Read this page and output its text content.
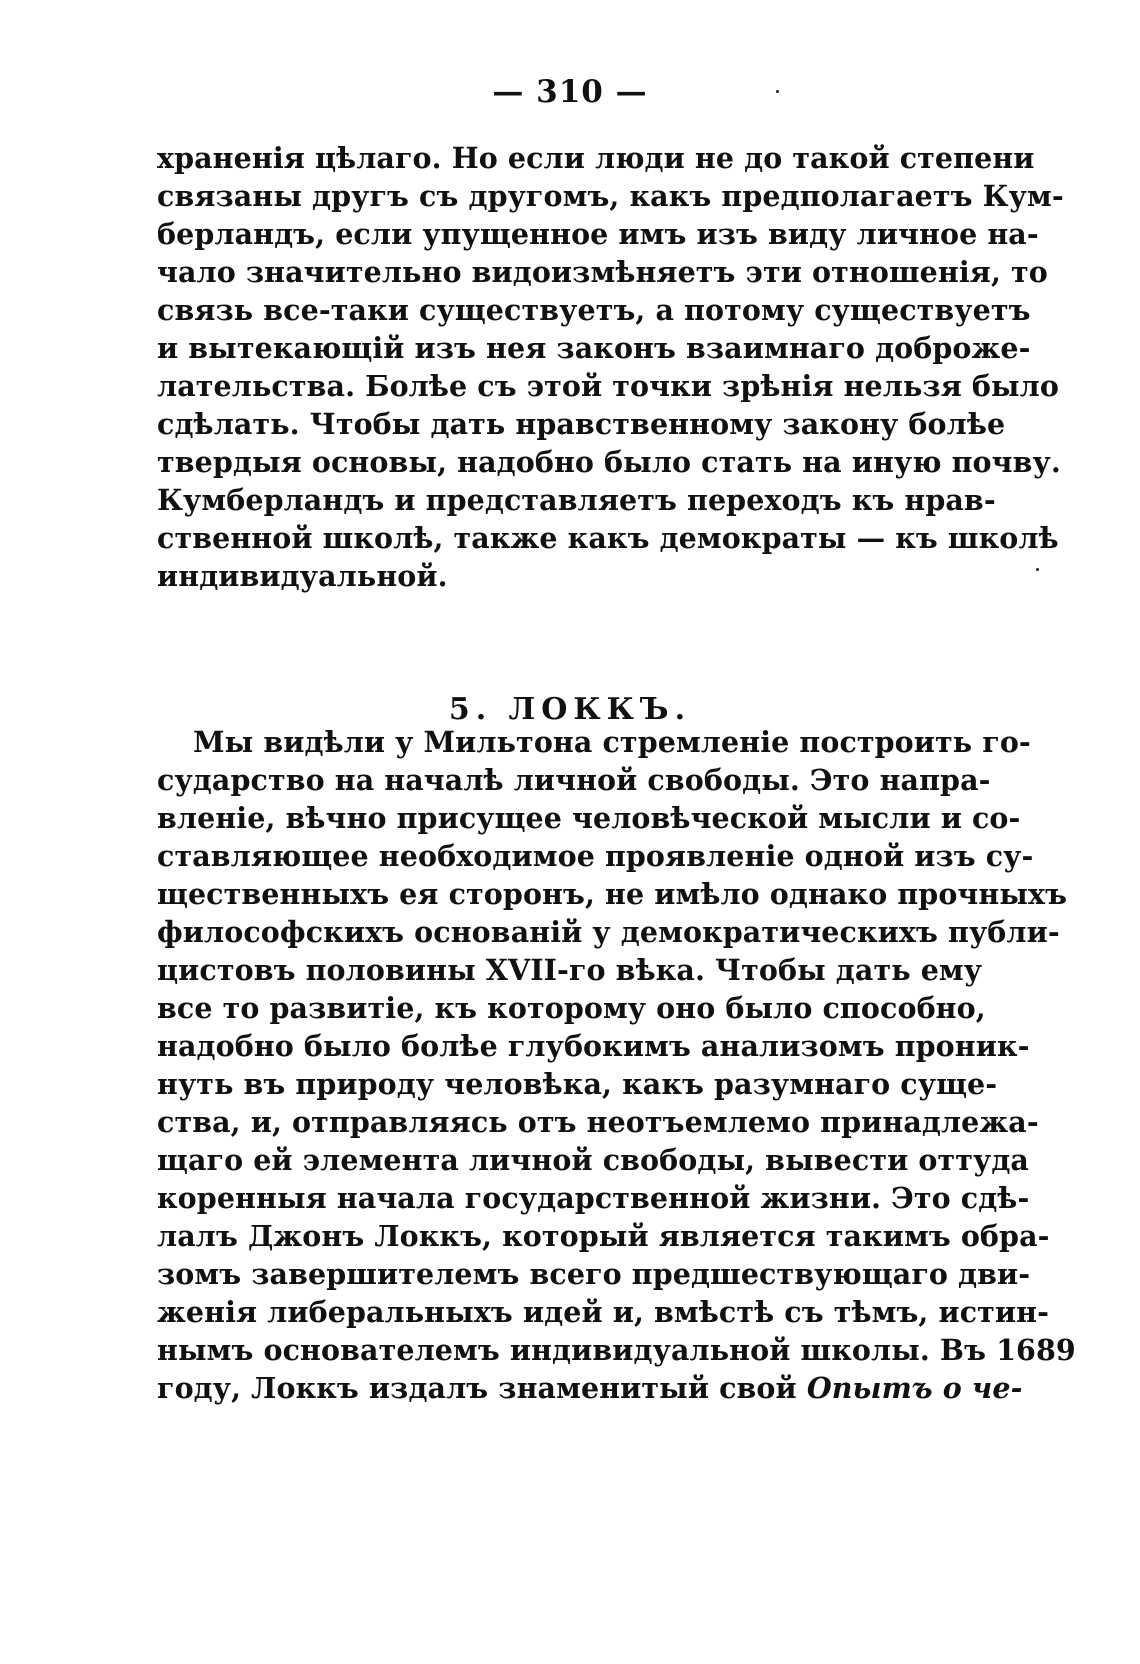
— 310 —

храненія цѣлаго. Но если люди не до такой степени

связаны другъ съ другомъ, какъ предполагаетъ Кум-

берландъ, если упущенное имъ изъ виду личное на-

чало значительно видоизмѣняетъ эти отношенія, то

связь все-таки существуетъ, а потому существуетъ

и вытекающій изъ нея законъ взаимнаго доброже-

лательства. Болѣе съ этой точки зрѣнія нельзя было

сдѣлать. Чтобы дать нравственному закону болѣе

твердыя основы, надобно было стать на иную почву.

Кумберландъ и представляетъ переходъ къ нрав-

ственной школѣ, также какъ демократы — къ школѣ

индивидуальной.

5. ЛОККЪ.

Мы видѣли у Мильтона стремленіе построить го-

сударство на началѣ личной свободы. Это напра-

вленіе, вѣчно присущее человѣческой мысли и со-

ставляющее необходимое проявленіе одной изъ су-

щественныхъ ея сторонъ, не имѣло однако прочныхъ

философскихъ основаній у демократическихъ публи-

цистовъ половины XVII-го вѣка. Чтобы дать ему

все то развитіе, къ которому оно было способно,

надобно было болѣе глубокимъ анализомъ проник-

нуть въ природу человѣка, какъ разумнаго суще-

ства, и, отправляясь отъ неотъемлемо принадлежа-

щаго ей элемента личной свободы, вывести оттуда

коренныя начала государственной жизни. Это сдѣ-

лалъ Джонъ Локкъ, который является такимъ обра-

зомъ завершителемъ всего предшествующаго дви-

женія либеральныхъ идей и, вмѣстѣ съ тѣмъ, истин-

нымъ основателемъ индивидуальной школы. Въ 1689

году, Локкъ издалъ знаменитый свой Опытъ о че-
